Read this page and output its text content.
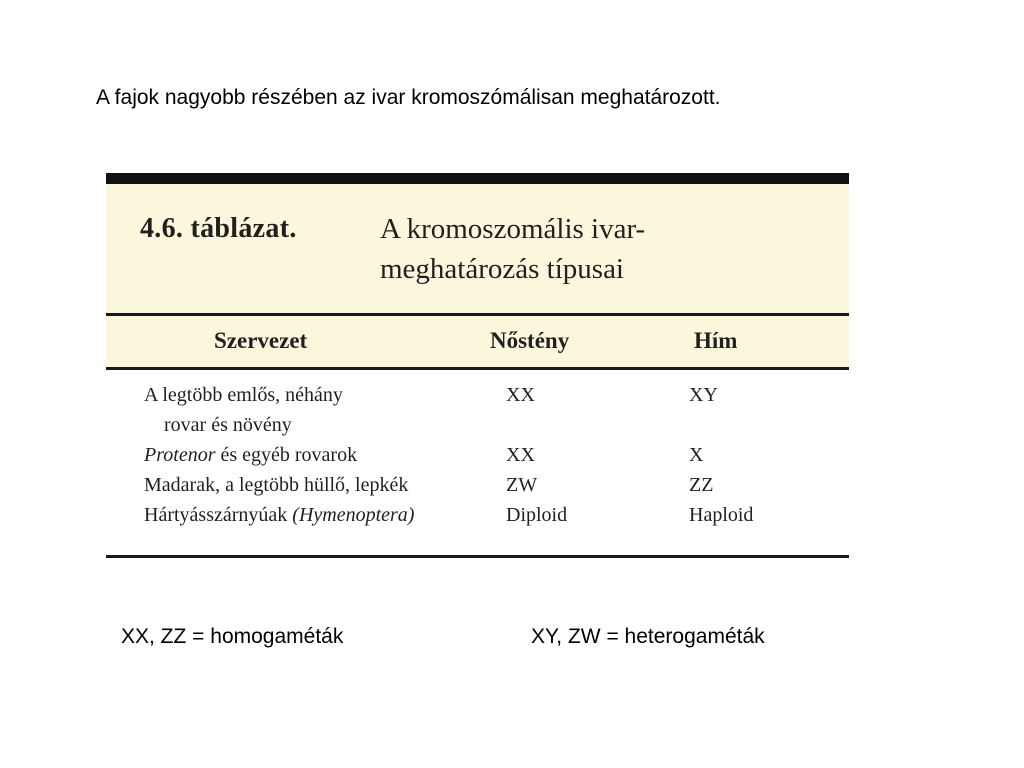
A fajok nagyobb részében az ivar kromoszómálisan meghatározott.
4.6. táblázat.	A kromoszomális ivar-
meghatározás típusai
Szervezet	Nőstény	Hím
A legtöbb emlős, néhány
rovar és növény
XX	XY
Protenor és egyéb rovarok	XX	X
Madarak, a legtöbb hüllő, lepkék	ZW	ZZ
Hártyásszárnyúak (Hymenoptera)	Diploid	Haploid
XX, ZZ = homogaméták	XY, ZW = heterogaméták
